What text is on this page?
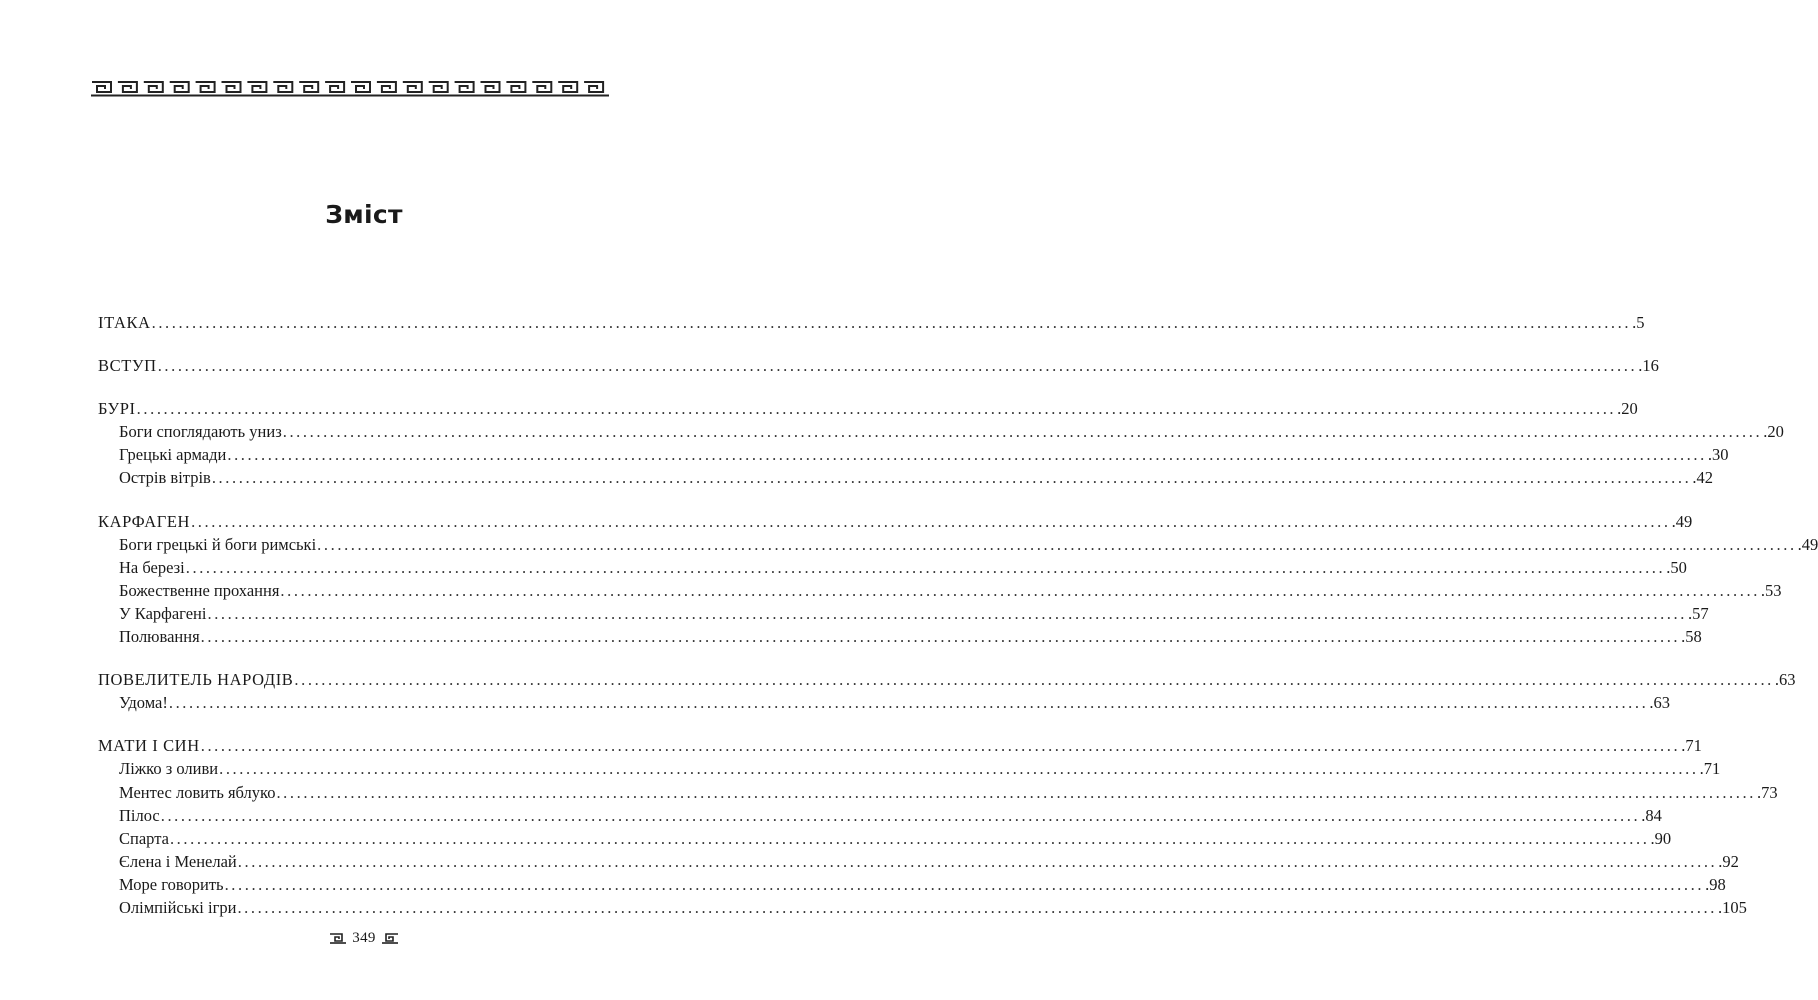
Зміст
ІТАКА ............................................................................................................................................................................................................................ .5
ВСТУП ............................................................................................................................................................................................................................ .16
БУРІ ............................................................................................................................................................................................................................ .20
Боги споглядають униз ............................................................................................................................................................................................................................ .20
Грецькі армади ............................................................................................................................................................................................................................ .30
Острів вітрів ............................................................................................................................................................................................................................ .42
КАРФАГЕН ............................................................................................................................................................................................................................ .49
Боги грецькі й боги римські ............................................................................................................................................................................................................................ .49
На березі ............................................................................................................................................................................................................................ .50
Божественне прохання ............................................................................................................................................................................................................................ .53
У Карфагені ............................................................................................................................................................................................................................ .57
Полювання ............................................................................................................................................................................................................................ .58
ПОВЕЛИТЕЛЬ НАРОДІВ ............................................................................................................................................................................................................................ .63
Удома! ............................................................................................................................................................................................................................ .63
МАТИ І СИН ............................................................................................................................................................................................................................ .71
Ліжко з оливи ............................................................................................................................................................................................................................ .71
Ментес ловить яблуко ............................................................................................................................................................................................................................ .73
Пілос ............................................................................................................................................................................................................................ .84
Спарта ............................................................................................................................................................................................................................ .90
Єлена і Менелай ............................................................................................................................................................................................................................ .92
Море говорить ............................................................................................................................................................................................................................ .98
Олімпійські ігри ............................................................................................................................................................................................................................ .105
349
